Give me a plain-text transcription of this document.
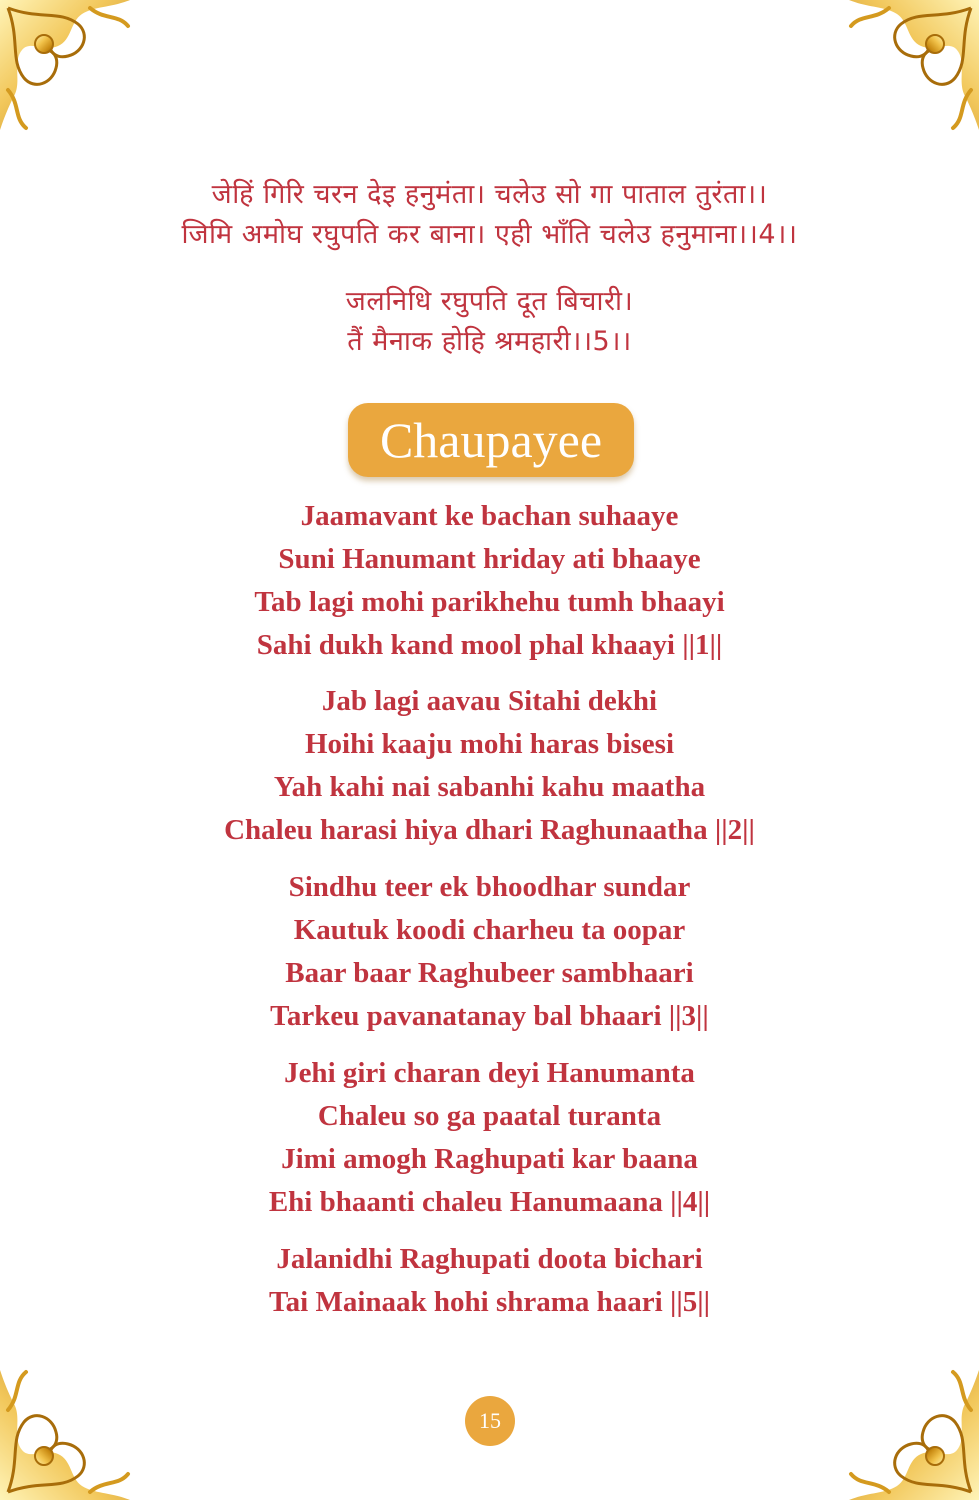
जेहिं गिरि चरन देइ हनुमंता। चलेउ सो गा पाताल तुरंता।।
जिमि अमोघ रघुपति कर बाना। एही भाँति चलेउ हनुमाना।।4।।
जलनिधि रघुपति दूत बिचारी।
तैं मैनाक होहि श्रमहारी।।5।।
Chaupayee
Jaamavant ke bachan suhaaye
Suni Hanumant hriday ati bhaaye
Tab lagi mohi parikhehu tumh bhaayi
Sahi dukh kand mool phal khaayi ||1||
Jab lagi aavau Sitahi dekhi
Hoihi kaaju mohi haras bisesi
Yah kahi nai sabanhi kahu maatha
Chaleu harasi hiya dhari Raghunaatha ||2||
Sindhu teer ek bhoodhar sundar
Kautuk koodi charheu ta oopar
Baar baar Raghubeer sambhaari
Tarkeu pavanatanay bal bhaari ||3||
Jehi giri charan deyi Hanumanta
Chaleu so ga paatal turanta
Jimi amogh Raghupati kar baana
Ehi bhaanti chaleu Hanumaana ||4||
Jalanidhi Raghupati doota bichari
Tai Mainaak hohi shrama haari ||5||
15
